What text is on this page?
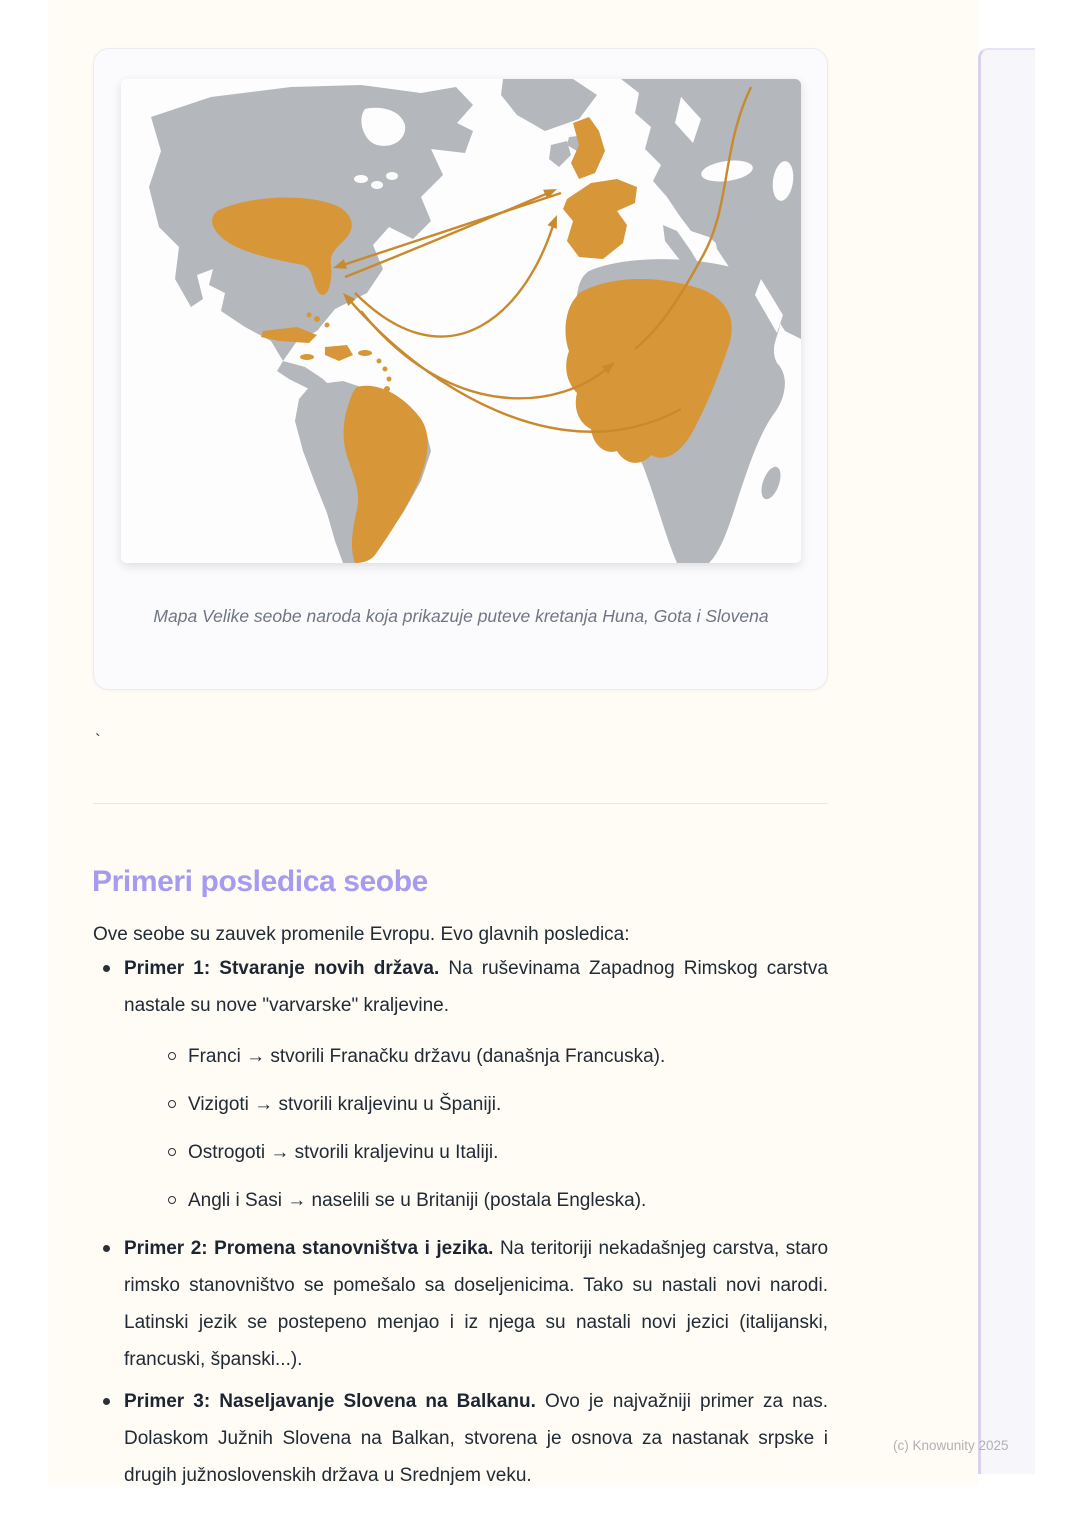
Mapa Velike seobe naroda koja prikazuje puteve kretanja Huna, Gota i Slovena
`
Primeri posledica seobe

Ove seobe su zauvek promenile Evropu. Evo glavnih posledica:

Primer 1: Stvaranje novih država. Na ruševinama Zapadnog Rimskog carstva nastale su nove "varvarske" kraljevine.
Franci → stvorili Franačku državu (današnja Francuska).
Vizigoti → stvorili kraljevinu u Španiji.
Ostrogoti → stvorili kraljevinu u Italiji.
Angli i Sasi → naselili se u Britaniji (postala Engleska).
Primer 2: Promena stanovništva i jezika. Na teritoriji nekadašnjeg carstva, staro rimsko stanovništvo se pomešalo sa doseljenicima. Tako su nastali novi narodi. Latinski jezik se postepeno menjao i iz njega su nastali novi jezici (italijanski, francuski, španski...).
Primer 3: Naseljavanje Slovena na Balkanu. Ovo je najvažniji primer za nas. Dolaskom Južnih Slovena na Balkan, stvorena je osnova za nastanak srpske i drugih južnoslovenskih država u Srednjem veku.
(c) Knowunity 2025
